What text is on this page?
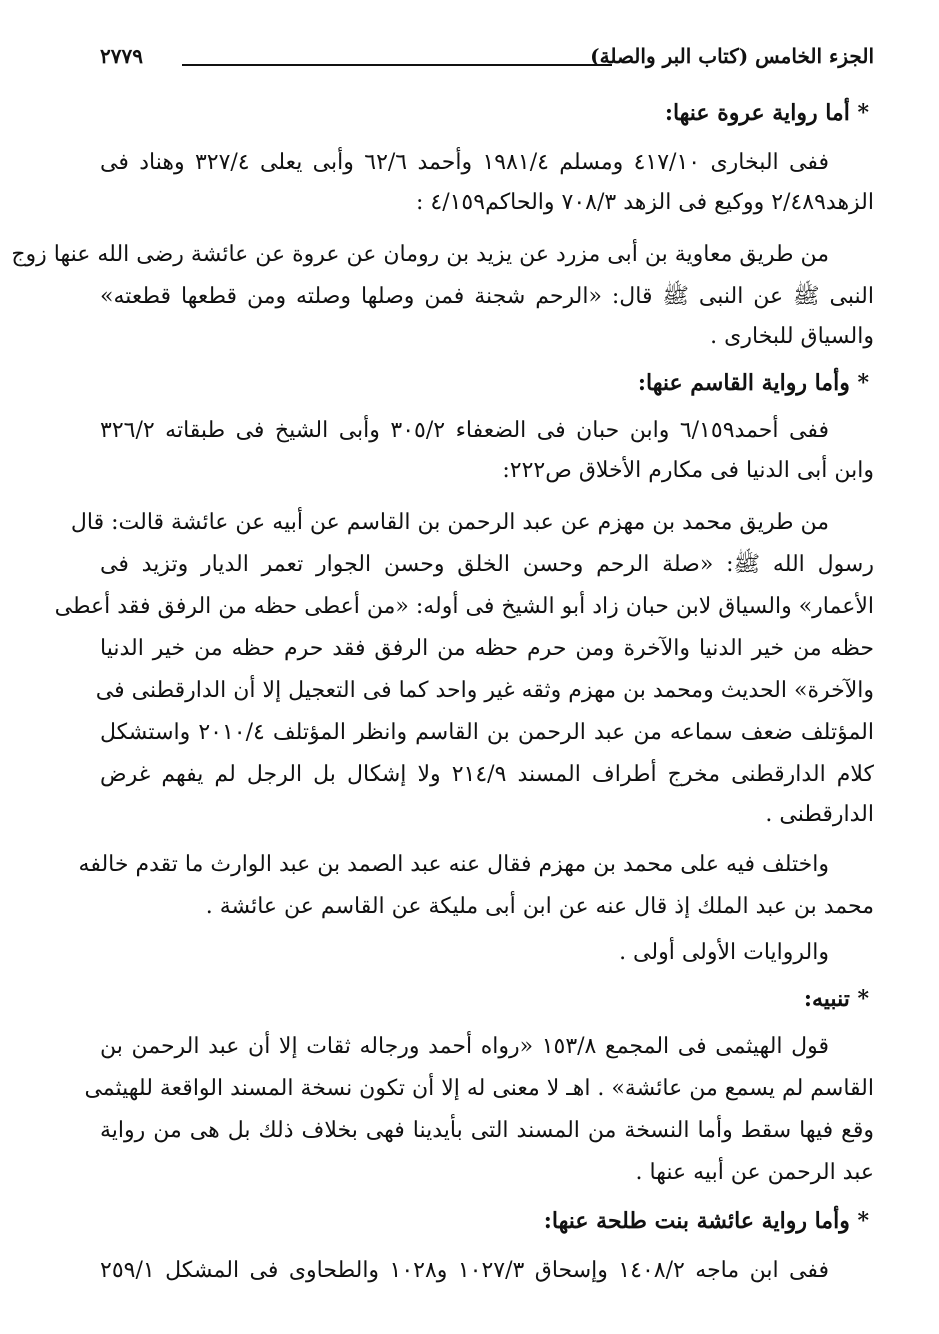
الجزء الخامس (كتاب البر والصلة)
٢٧٧٩
* أما رواية عروة عنها:
ففى البخارى ٤١٧/١٠ ومسلم ١٩٨١/٤ وأحمد ٦٢/٦ وأبى يعلى ٣٢٧/٤ وهناد فى
الزهد٢/٤٨٩ ووكيع فى الزهد ٧٠٨/٣ والحاكم٤/١٥٩ :
من طريق معاوية بن أبى مزرد عن يزيد بن رومان عن عروة عن عائشة رضى الله عنها زوج
النبى ﷺ عن النبى ﷺ قال: «الرحم شجنة فمن وصلها وصلته ومن قطعها قطعته»
والسياق للبخارى .
* وأما رواية القاسم عنها:
ففى أحمد٦/١٥٩ وابن حبان فى الضعفاء ٣٠٥/٢ وأبى الشيخ فى طبقاته ٣٢٦/٢
وابن أبى الدنيا فى مكارم الأخلاق ص٢٢٢:
من طريق محمد بن مهزم عن عبد الرحمن بن القاسم عن أبيه عن عائشة قالت: قال
رسول الله ﷺ: «صلة الرحم وحسن الخلق وحسن الجوار تعمر الديار وتزيد فى
الأعمار» والسياق لابن حبان زاد أبو الشيخ فى أوله: «من أعطى حظه من الرفق فقد أعطى
حظه من خير الدنيا والآخرة ومن حرم حظه من الرفق فقد حرم حظه من خير الدنيا
والآخرة» الحديث ومحمد بن مهزم وثقه غير واحد كما فى التعجيل إلا أن الدارقطنى فى
المؤتلف ضعف سماعه من عبد الرحمن بن القاسم وانظر المؤتلف ٢٠١٠/٤ واستشكل
كلام الدارقطنى مخرج أطراف المسند ٢١٤/٩ ولا إشكال بل الرجل لم يفهم غرض
الدارقطنى .
واختلف فيه على محمد بن مهزم فقال عنه عبد الصمد بن عبد الوارث ما تقدم خالفه
محمد بن عبد الملك إذ قال عنه عن ابن أبى مليكة عن القاسم عن عائشة .
والروايات الأولى أولى .
* تنبيه:
قول الهيثمى فى المجمع ١٥٣/٨ «رواه أحمد ورجاله ثقات إلا أن عبد الرحمن بن
القاسم لم يسمع من عائشة» . اهـ لا معنى له إلا أن تكون نسخة المسند الواقعة للهيثمى
وقع فيها سقط وأما النسخة من المسند التى بأيدينا فهى بخلاف ذلك بل هى من رواية
عبد الرحمن عن أبيه عنها .
* وأما رواية عائشة بنت طلحة عنها:
ففى ابن ماجه ١٤٠٨/٢ وإسحاق ١٠٢٧/٣ و١٠٢٨ والطحاوى فى المشكل ٢٥٩/١
